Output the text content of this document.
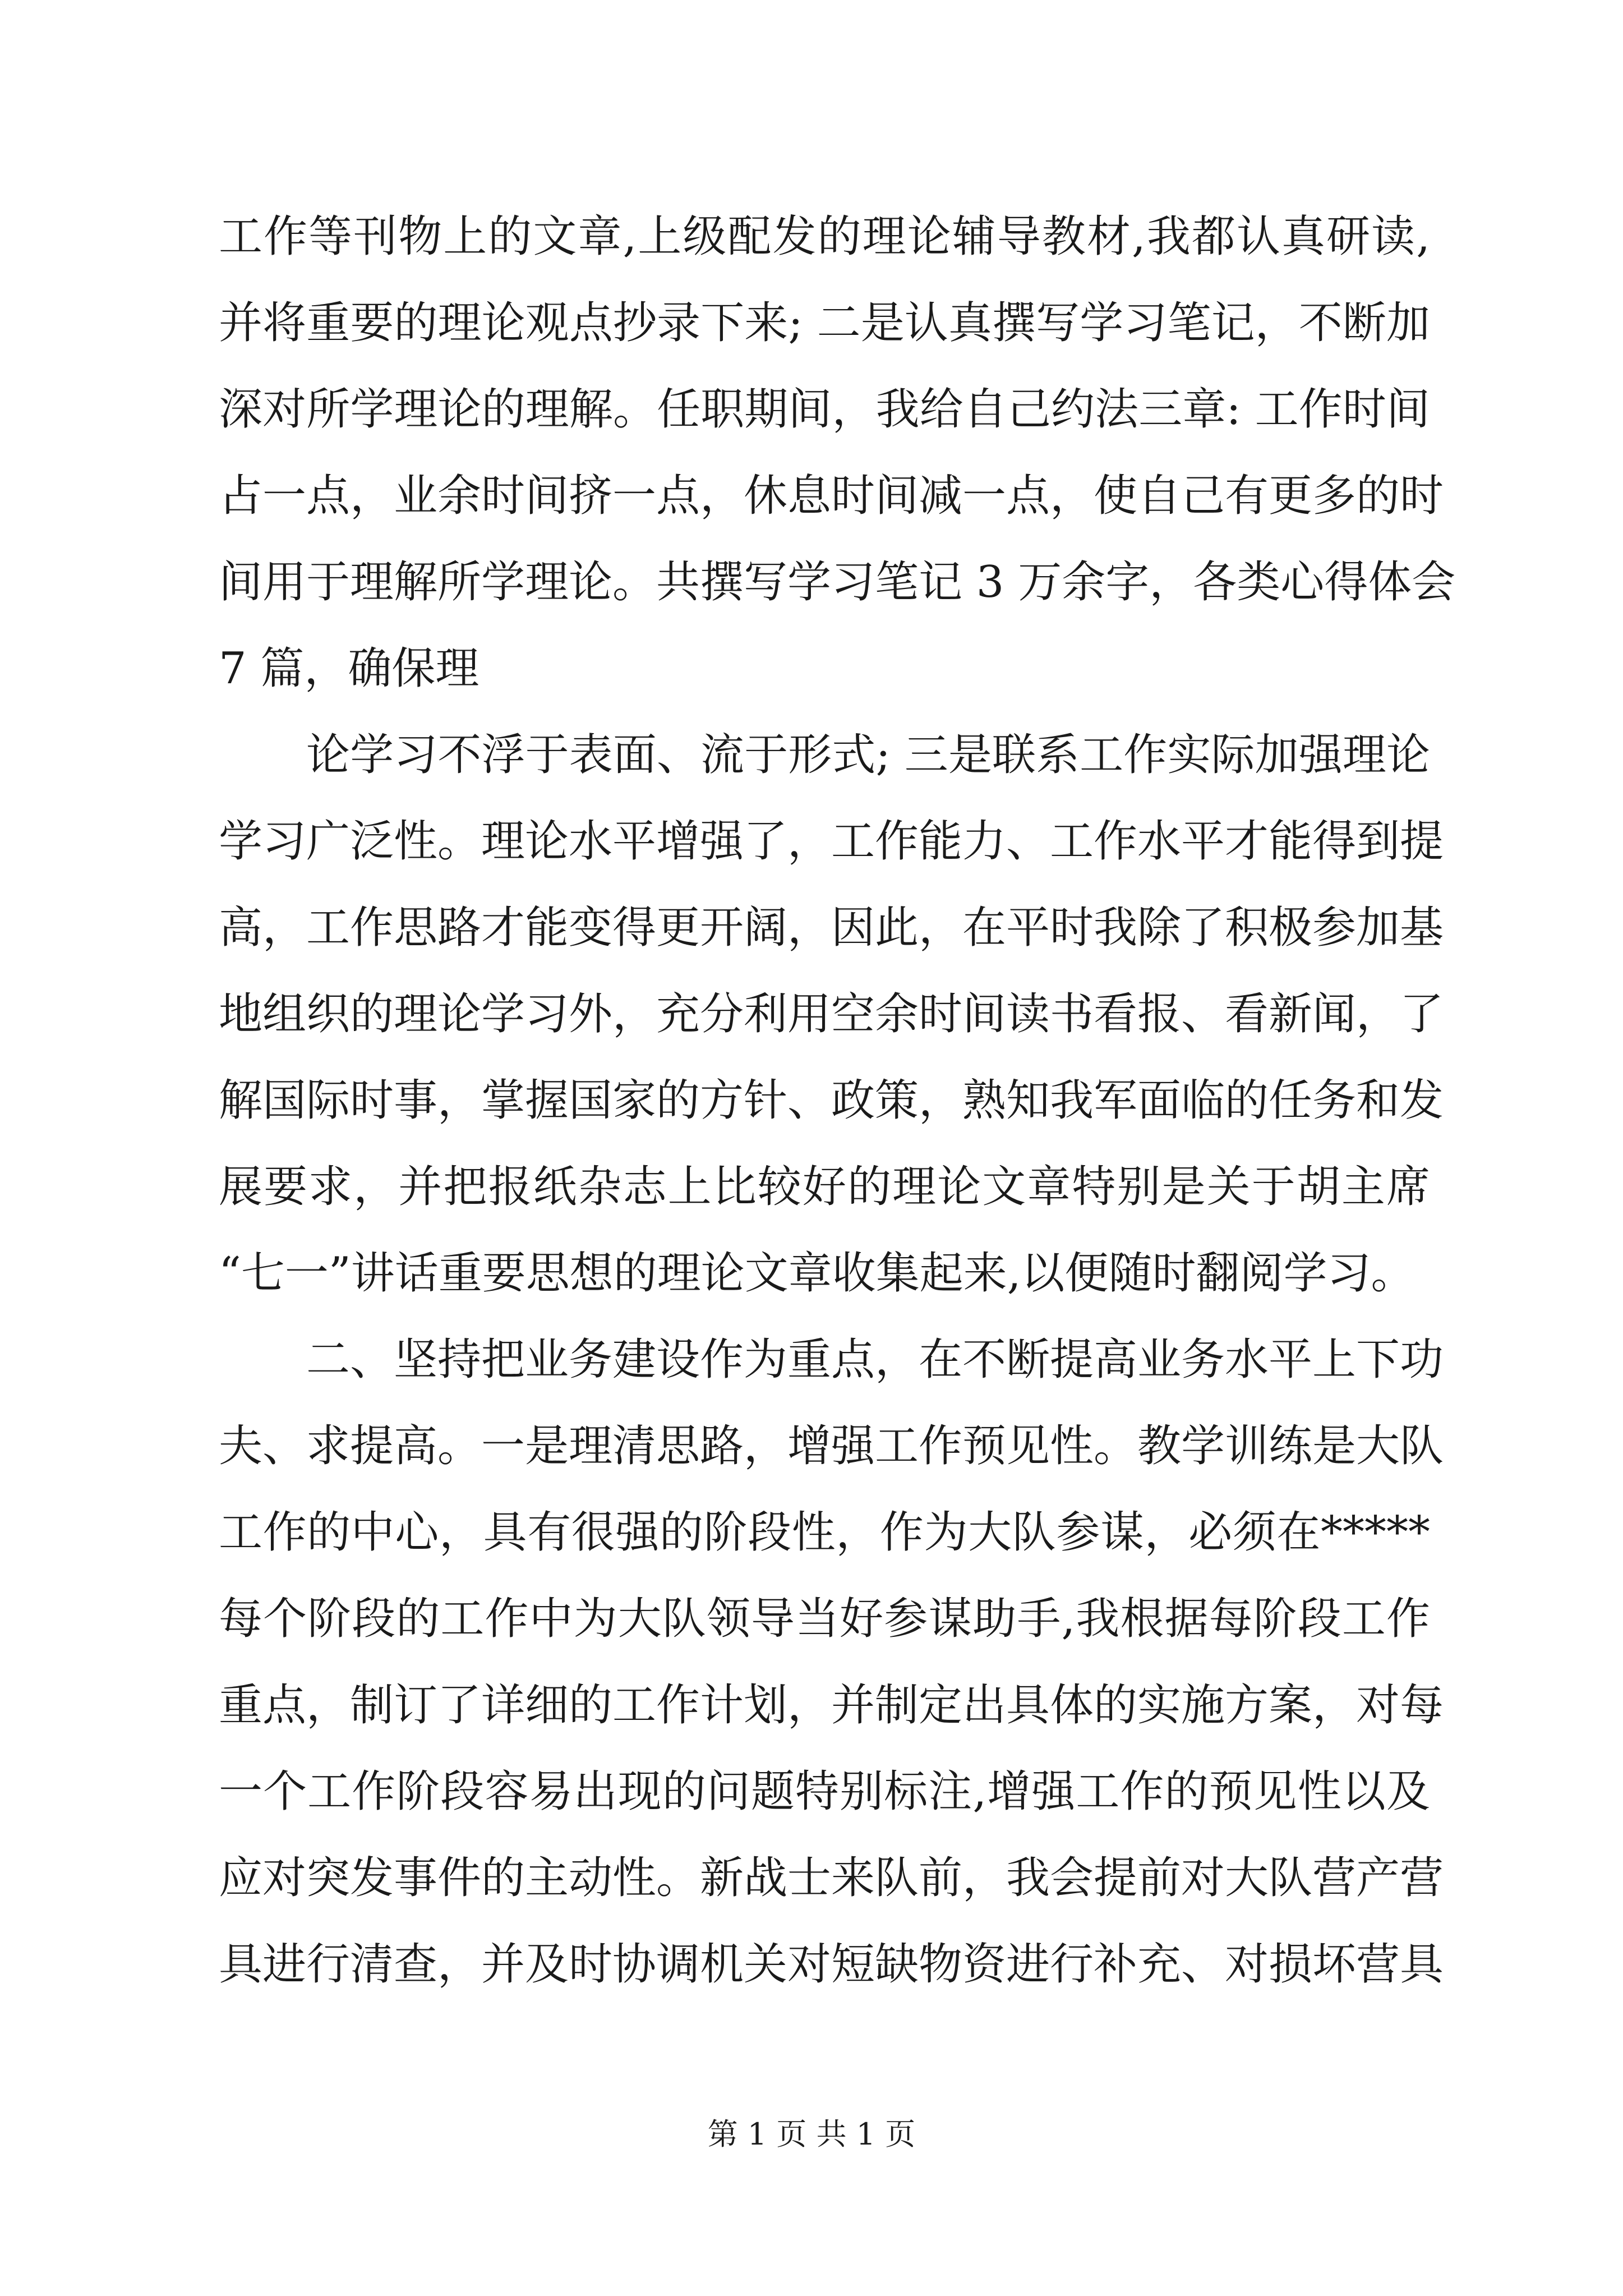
工作等刊物上的文章,上级配发的理论辅导教材,我都认真研读,
并将重要的理论观点抄录下来; 二是认真撰写学习笔记，不断加
深对所学理论的理解。任职期间，我给自己约法三章: 工作时间
占一点，业余时间挤一点，休息时间减一点，使自己有更多的时
间用于理解所学理论。共撰写学习笔记 3 万余字，各类心得体会
7 篇，确保理
论学习不浮于表面、流于形式; 三是联系工作实际加强理论
学习广泛性。理论水平增强了，工作能力、工作水平才能得到提
高，工作思路才能变得更开阔，因此，在平时我除了积极参加基
地组织的理论学习外，充分利用空余时间读书看报、看新闻，了
解国际时事，掌握国家的方针、政策，熟知我军面临的任务和发
展要求，并把报纸杂志上比较好的理论文章特别是关于胡主席
“七一”讲话重要思想的理论文章收集起来,以便随时翻阅学习。
二、坚持把业务建设作为重点，在不断提高业务水平上下功
夫、求提高。一是理清思路，增强工作预见性。教学训练是大队
工作的中心，具有很强的阶段性，作为大队参谋，必须在*****
每个阶段的工作中为大队领导当好参谋助手,我根据每阶段工作
重点，制订了详细的工作计划，并制定出具体的实施方案，对每
一个工作阶段容易出现的问题特别标注,增强工作的预见性以及
应对突发事件的主动性。新战士来队前，我会提前对大队营产营
具进行清查，并及时协调机关对短缺物资进行补充、对损坏营具
第 1 页 共 1 页
